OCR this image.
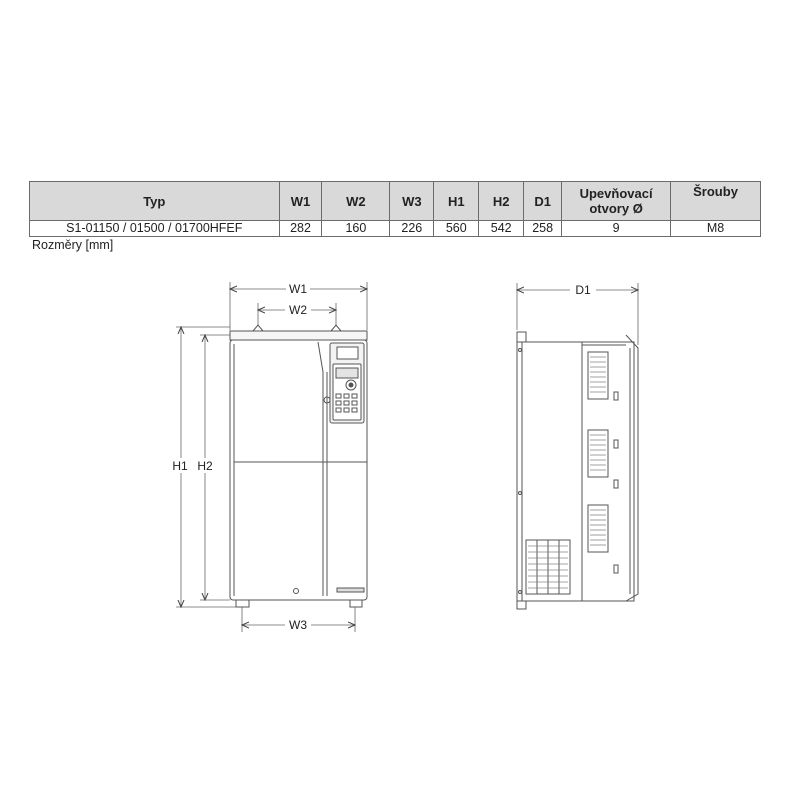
Typ	W1	W2	W3	H1	H2	D1	Upevňovací otvory Ø	Šrouby
S1-01150 / 01500 / 01700HFEF	282	160	226	560	542	258	9	M8
Rozměry [mm]
W1
W2
W3
H1 H2
D1
